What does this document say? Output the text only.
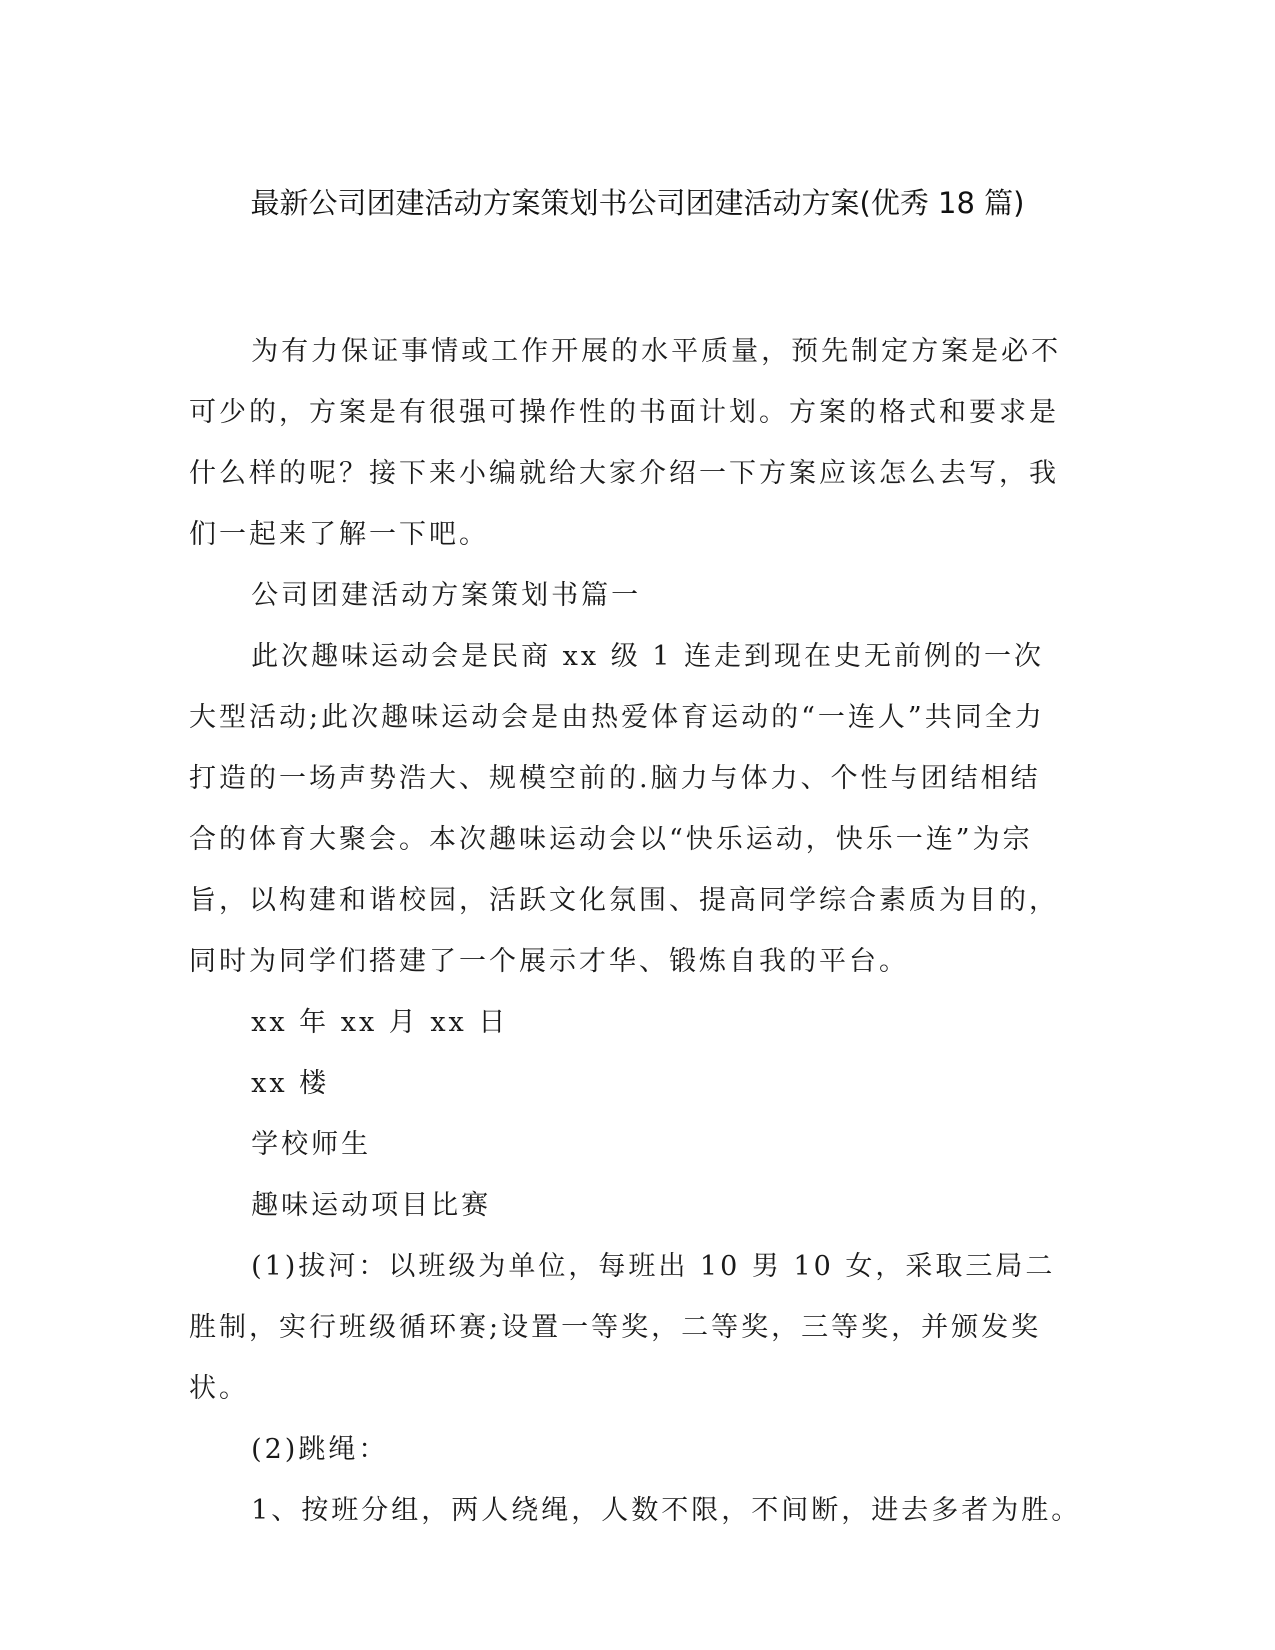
最新公司团建活动方案策划书公司团建活动方案(优秀 18 篇)

为有力保证事情或工作开展的水平质量，预先制定方案是必不可少的，方案是有很强可操作性的书面计划。方案的格式和要求是什么样的呢？接下来小编就给大家介绍一下方案应该怎么去写，我们一起来了解一下吧。

公司团建活动方案策划书篇一

此次趣味运动会是民商 xx 级 1 连走到现在史无前例的一次大型活动;此次趣味运动会是由热爱体育运动的“一连人”共同全力打造的一场声势浩大、规模空前的.脑力与体力、个性与团结相结合的体育大聚会。本次趣味运动会以“快乐运动，快乐一连”为宗旨，以构建和谐校园，活跃文化氛围、提高同学综合素质为目的，同时为同学们搭建了一个展示才华、锻炼自我的平台。

xx 年 xx 月 xx 日

xx 楼

学校师生

趣味运动项目比赛

(1)拔河：以班级为单位，每班出 10 男 10 女，采取三局二胜制，实行班级循环赛;设置一等奖，二等奖，三等奖，并颁发奖状。

(2)跳绳：

1、按班分组，两人绕绳，人数不限，不间断，进去多者为胜。
